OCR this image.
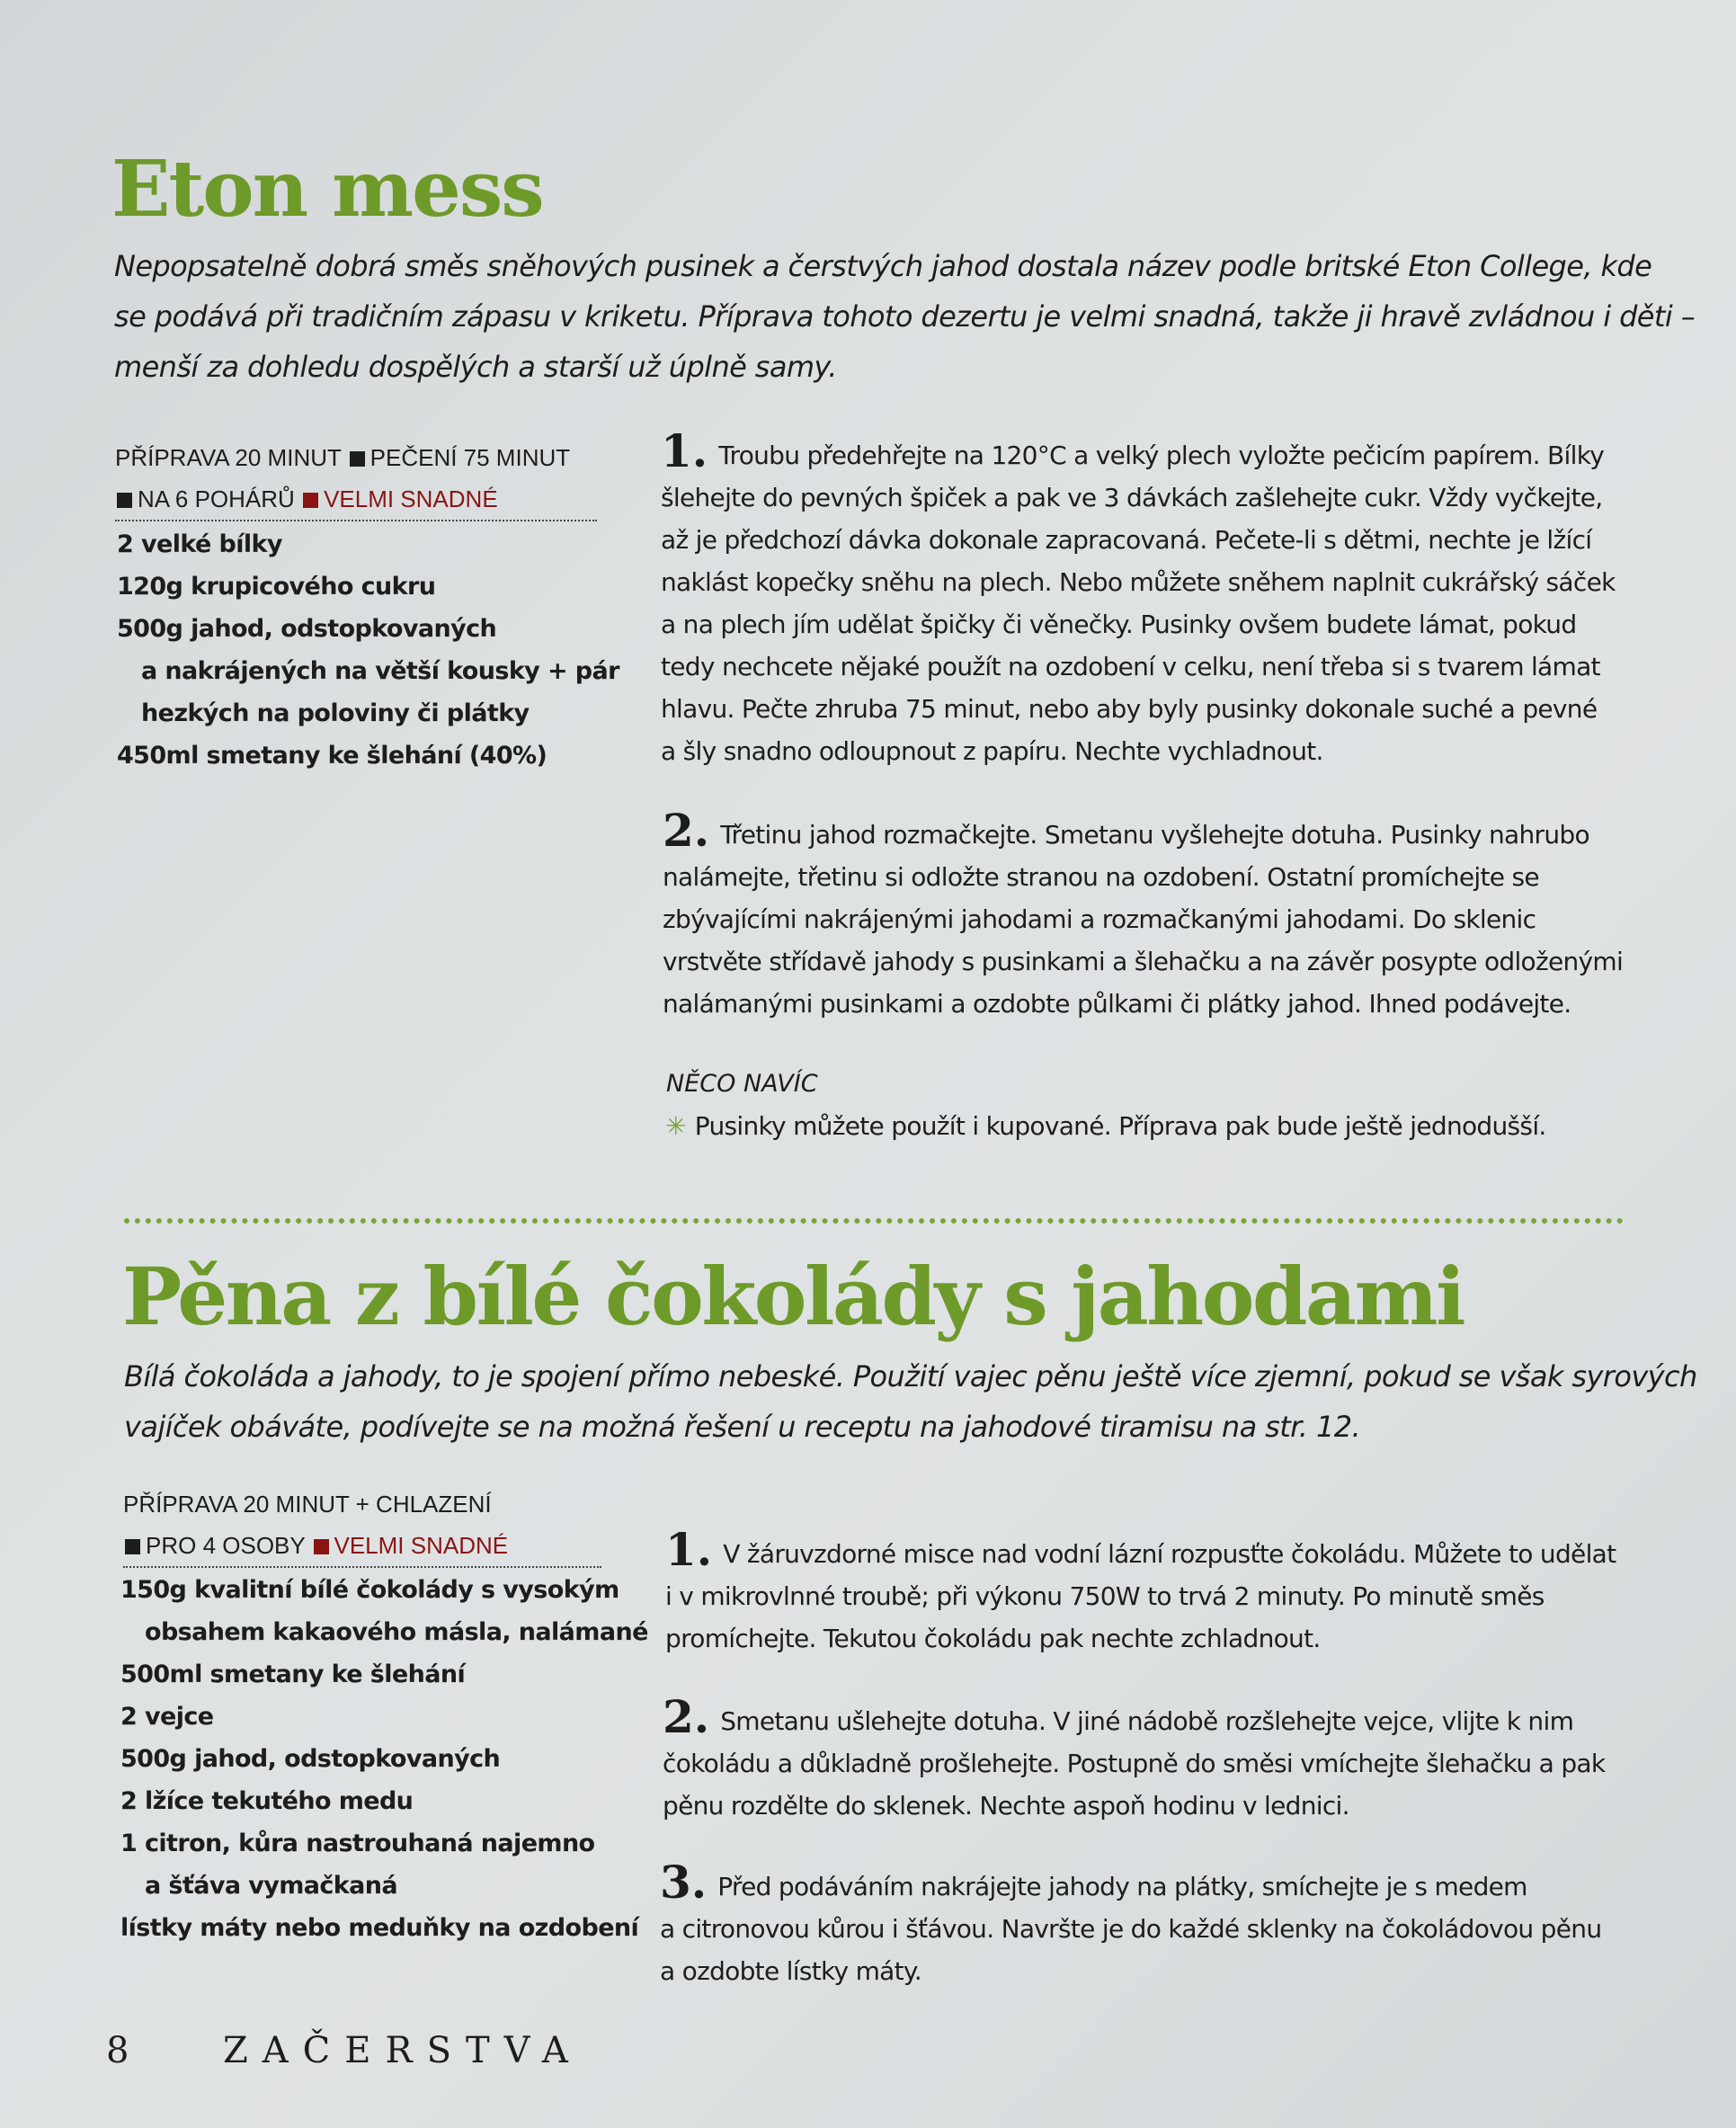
Eton mess
Nepopsatelně dobrá směs sněhových pusinek a čerstvých jahod dostala název podle britské Eton College, kde
se podává při tradičním zápasu v kriketu. Příprava tohoto dezertu je velmi snadná, takže ji hravě zvládnou i děti –
menší za dohledu dospělých a starší už úplně samy.
PŘÍPRAVA 20 MINUT PEČENÍ 75 MINUT
NA 6 POHÁRŮ VELMI SNADNÉ
2 velké bílky
120g krupicového cukru
500g jahod, odstopkovaných
a nakrájených na větší kousky + pár
hezkých na poloviny či plátky
450ml smetany ke šlehání (40%)
1. Troubu předehřejte na 120°C a velký plech vyložte pečicím papírem. Bílky
šlehejte do pevných špiček a pak ve 3 dávkách zašlehejte cukr. Vždy vyčkejte,
až je předchozí dávka dokonale zapracovaná. Pečete-li s dětmi, nechte je lžící
naklást kopečky sněhu na plech. Nebo můžete sněhem naplnit cukrářský sáček
a na plech jím udělat špičky či věnečky. Pusinky ovšem budete lámat, pokud
tedy nechcete nějaké použít na ozdobení v celku, není třeba si s tvarem lámat
hlavu. Pečte zhruba 75 minut, nebo aby byly pusinky dokonale suché a pevné
a šly snadno odloupnout z papíru. Nechte vychladnout.
2. Třetinu jahod rozmačkejte. Smetanu vyšlehejte dotuha. Pusinky nahrubo
nalámejte, třetinu si odložte stranou na ozdobení. Ostatní promíchejte se
zbývajícími nakrájenými jahodami a rozmačkanými jahodami. Do sklenic
vrstvěte střídavě jahody s pusinkami a šlehačku a na závěr posypte odloženými
nalámanými pusinkami a ozdobte půlkami či plátky jahod. Ihned podávejte.
NĚCO NAVÍC
✳ Pusinky můžete použít i kupované. Příprava pak bude ještě jednodušší.
Pěna z bílé čokolády s jahodami
Bílá čokoláda a jahody, to je spojení přímo nebeské. Použití vajec pěnu ještě více zjemní, pokud se však syrových
vajíček obáváte, podívejte se na možná řešení u receptu na jahodové tiramisu na str. 12.
PŘÍPRAVA 20 MINUT + CHLAZENÍ
PRO 4 OSOBY VELMI SNADNÉ
150g kvalitní bílé čokolády s vysokým
obsahem kakaového másla, nalámané
500ml smetany ke šlehání
2 vejce
500g jahod, odstopkovaných
2 lžíce tekutého medu
1 citron, kůra nastrouhaná najemno
a šťáva vymačkaná
lístky máty nebo meduňky na ozdobení
1. V žáruvzdorné misce nad vodní lázní rozpusťte čokoládu. Můžete to udělat
i v mikrovlnné troubě; při výkonu 750W to trvá 2 minuty. Po minutě směs
promíchejte. Tekutou čokoládu pak nechte zchladnout.
2. Smetanu ušlehejte dotuha. V jiné nádobě rozšlehejte vejce, vlijte k nim
čokoládu a důkladně prošlehejte. Postupně do směsi vmíchejte šlehačku a pak
pěnu rozdělte do sklenek. Nechte aspoň hodinu v lednici.
3. Před podáváním nakrájejte jahody na plátky, smíchejte je s medem
a citronovou kůrou i šťávou. Navršte je do každé sklenky na čokoládovou pěnu
a ozdobte lístky máty.
8	ZAČERSTVA
